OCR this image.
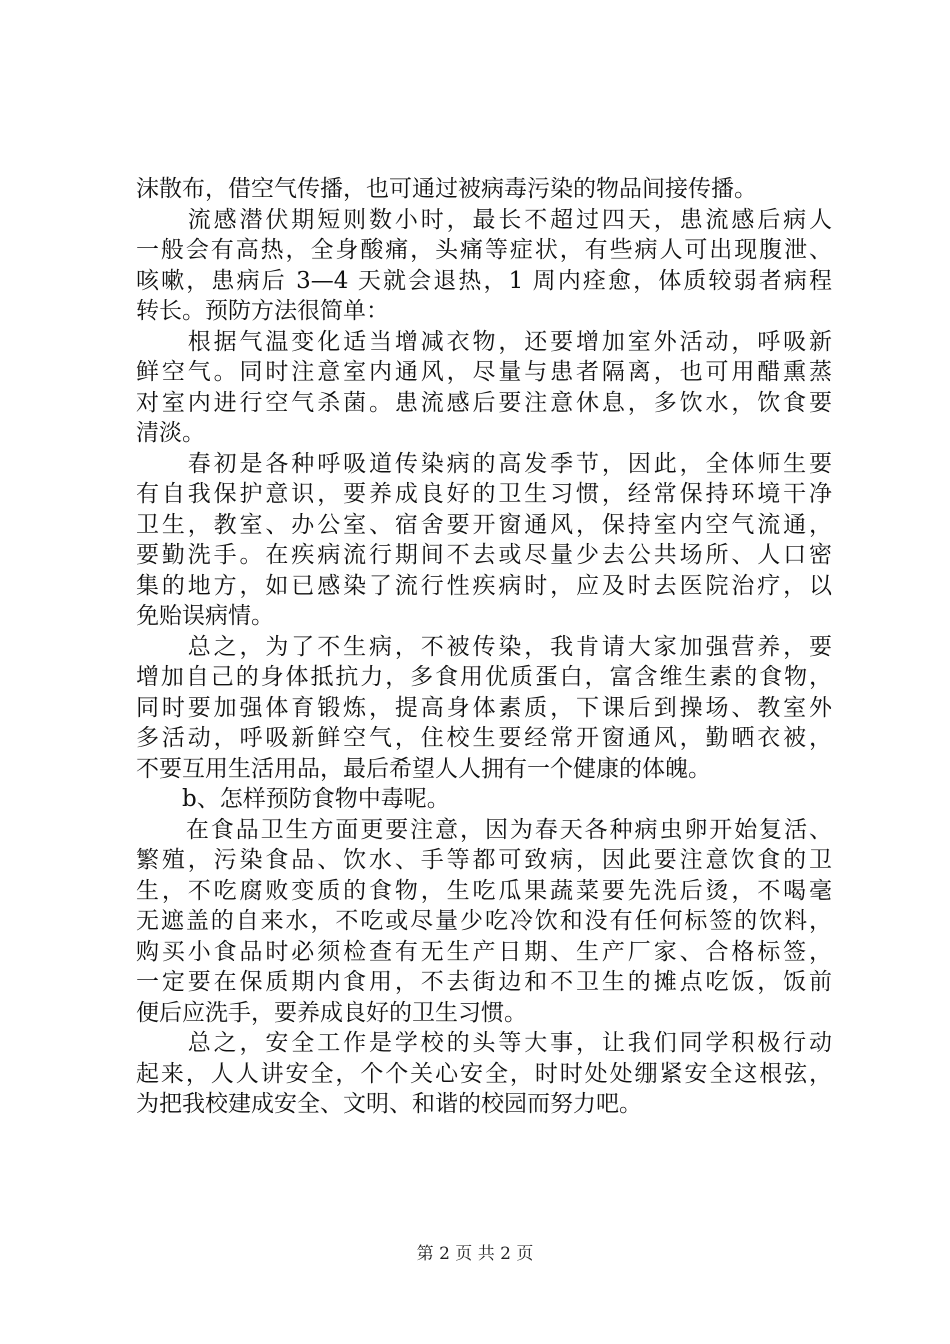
沫散布，借空气传播，也可通过被病毒污染的物品间接传播。
　　流感潜伏期短则数小时，最长不超过四天，患流感后病人
一般会有高热，全身酸痛，头痛等症状，有些病人可出现腹泄、
咳嗽，患病后 3—4 天就会退热，1 周内痊愈，体质较弱者病程
转长。预防方法很简单：
　　根据气温变化适当增减衣物，还要增加室外活动，呼吸新
鲜空气。同时注意室内通风，尽量与患者隔离，也可用醋熏蒸
对室内进行空气杀菌。患流感后要注意休息，多饮水，饮食要
清淡。
　　春初是各种呼吸道传染病的高发季节，因此，全体师生要
有自我保护意识，要养成良好的卫生习惯，经常保持环境干净
卫生，教室、办公室、宿舍要开窗通风，保持室内空气流通，
要勤洗手。在疾病流行期间不去或尽量少去公共场所、人口密
集的地方，如已感染了流行性疾病时，应及时去医院治疗，以
免贻误病情。
　　总之，为了不生病，不被传染，我肯请大家加强营养，要
增加自己的身体抵抗力，多食用优质蛋白，富含维生素的食物，
同时要加强体育锻炼，提高身体素质，下课后到操场、教室外
多活动，呼吸新鲜空气，住校生要经常开窗通风，勤晒衣被，
不要互用生活用品，最后希望人人拥有一个健康的体魄。
　　b、怎样预防食物中毒呢。
　　在食品卫生方面更要注意，因为春天各种病虫卵开始复活、
繁殖，污染食品、饮水、手等都可致病，因此要注意饮食的卫
生，不吃腐败变质的食物，生吃瓜果蔬菜要先洗后烫，不喝毫
无遮盖的自来水，不吃或尽量少吃冷饮和没有任何标签的饮料，
购买小食品时必须检查有无生产日期、生产厂家、合格标签，
一定要在保质期内食用，不去街边和不卫生的摊点吃饭，饭前
便后应洗手，要养成良好的卫生习惯。
　　总之，安全工作是学校的头等大事，让我们同学积极行动
起来，人人讲安全，个个关心安全，时时处处绷紧安全这根弦，
为把我校建成安全、文明、和谐的校园而努力吧。
第 2 页 共 2 页
